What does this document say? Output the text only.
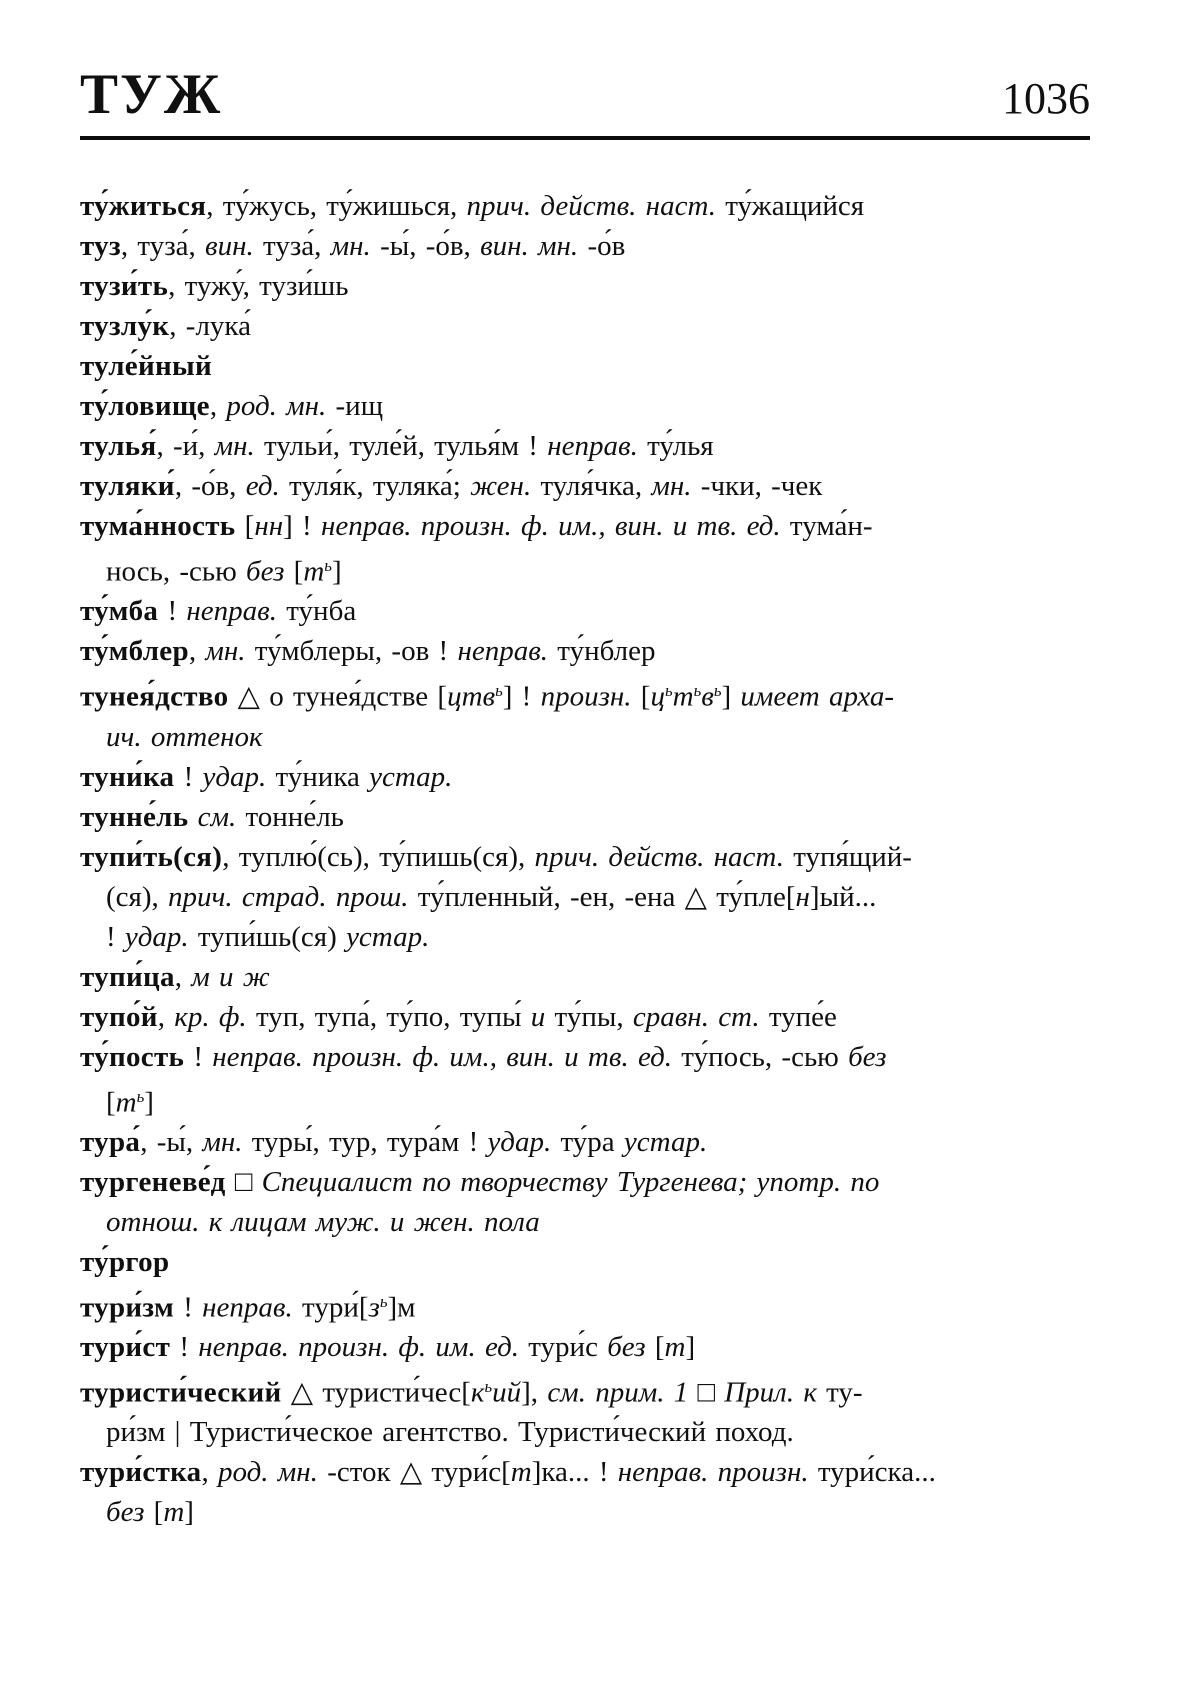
ТУЖ	1036
ту́житься, ту́жусь, ту́жишься, прич. действ. наст. ту́жащийся
туз, туза́, вин. туза́, мн. -ы́, -о́в, вин. мн. -о́в
тузи́ть, тужу́, тузи́шь
тузлу́к, -лука́
туле́йный
ту́ловище, род. мн. -ищ
тулья́, -и́, мн. тульи́, туле́й, тулья́м ! неправ. ту́лья
туляки́, -о́в, ед. туля́к, туляка́; жен. туля́чка, мн. -чки, -чек
тума́нность [нн] ! неправ. произн. ф. им., вин. и тв. ед. тума́н-
нось, -сью без $[т^ь]$
ту́мба ! неправ. ту́нба
ту́мблер, мн. ту́мблеры, -ов ! неправ. ту́нблер
тунея́дство △ о тунея́дстве [цтв$^ь$] ! произн. $[ц^ьт^ьв^ь]$ имеет арха-
ич. оттенок
туни́ка ! удар. ту́ника устар.
тунне́ль см. тонне́ль
тупи́ть(ся), туплю́(сь), ту́пишь(ся), прич. действ. наст. тупя́щий-
(ся), прич. страд. прош. ту́пленный, -ен, -ена △ ту́пле[н]ый...
! удар. тупи́шь(ся) устар.
тупи́ца, м и ж
тупо́й, кр. ф. туп, тупа́, ту́по, тупы́ и ту́пы, сравн. ст. тупе́е
ту́пость ! неправ. произн. ф. им., вин. и тв. ед. ту́пось, -сью без
$[т^ь]$
тура́, -ы́, мн. туры́, тур, тура́м ! удар. ту́ра устар.
тургеневе́д □ Специалист по творчеству Тургенева; употр. по
отнош. к лицам муж. и жен. пола
ту́ргор
тури́зм ! неправ. $тури́[з^ь]м$
тури́ст ! неправ. произн. ф. им. ед. тури́с без [т]
туристи́ческий △ $туристи́чес[к^ьий]$, см. прим. 1 □ Прил. к ту-
ри́зм | Туристи́ческое агентство. Туристи́ческий поход.
тури́стка, род. мн. -сток △ тури́с[т]ка... ! неправ. произн. тури́ска...
без [т]
